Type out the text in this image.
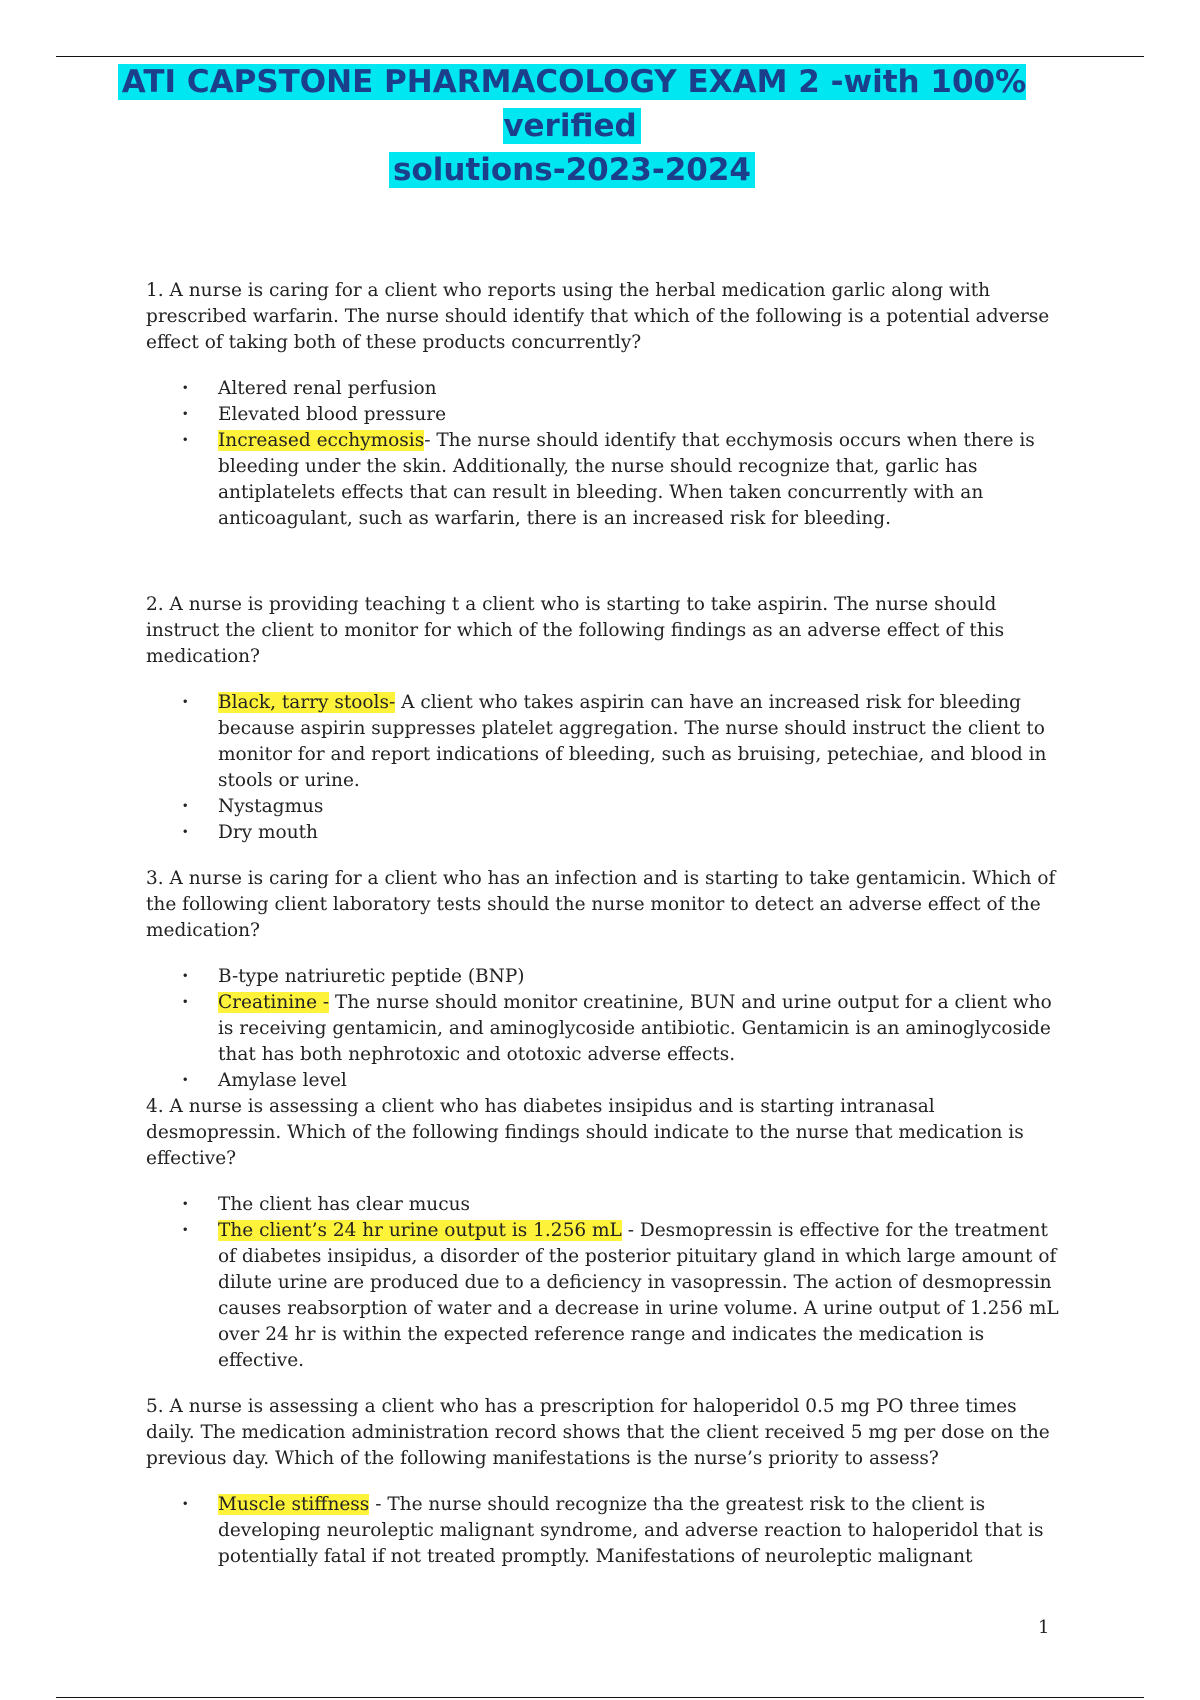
ATI CAPSTONE PHARMACOLOGY EXAM 2 -with 100% verified
solutions-2023-2024

1. A nurse is caring for a client who reports using the herbal medication garlic along with prescribed warfarin. The nurse should identify that which of the following is a potential adverse effect of taking both of these products concurrently?

· Altered renal perfusion
· Elevated blood pressure
· Increased ecchymosis- The nurse should identify that ecchymosis occurs when there is bleeding under the skin. Additionally, the nurse should recognize that, garlic has antiplatelets effects that can result in bleeding. When taken concurrently with an anticoagulant, such as warfarin, there is an increased risk for bleeding.

2. A nurse is providing teaching t a client who is starting to take aspirin. The nurse should instruct the client to monitor for which of the following findings as an adverse effect of this medication?

· Black, tarry stools- A client who takes aspirin can have an increased risk for bleeding because aspirin suppresses platelet aggregation. The nurse should instruct the client to monitor for and report indications of bleeding, such as bruising, petechiae, and blood in stools or urine.
· Nystagmus
· Dry mouth

3. A nurse is caring for a client who has an infection and is starting to take gentamicin. Which of the following client laboratory tests should the nurse monitor to detect an adverse effect of the medication?

· B-type natriuretic peptide (BNP)
· Creatinine - The nurse should monitor creatinine, BUN and urine output for a client who is receiving gentamicin, and aminoglycoside antibiotic. Gentamicin is an aminoglycoside that has both nephrotoxic and ototoxic adverse effects.
· Amylase level

4. A nurse is assessing a client who has diabetes insipidus and is starting intranasal desmopressin. Which of the following findings should indicate to the nurse that medication is effective?

· The client has clear mucus
· The client’s 24 hr urine output is 1.256 mL - Desmopressin is effective for the treatment of diabetes insipidus, a disorder of the posterior pituitary gland in which large amount of dilute urine are produced due to a deficiency in vasopressin. The action of desmopressin causes reabsorption of water and a decrease in urine volume. A urine output of 1.256 mL over 24 hr is within the expected reference range and indicates the medication is effective.

5. A nurse is assessing a client who has a prescription for haloperidol 0.5 mg PO three times daily. The medication administration record shows that the client received 5 mg per dose on the previous day. Which of the following manifestations is the nurse’s priority to assess?

· Muscle stiffness - The nurse should recognize tha the greatest risk to the client is developing neuroleptic malignant syndrome, and adverse reaction to haloperidol that is potentially fatal if not treated promptly. Manifestations of neuroleptic malignant
1
